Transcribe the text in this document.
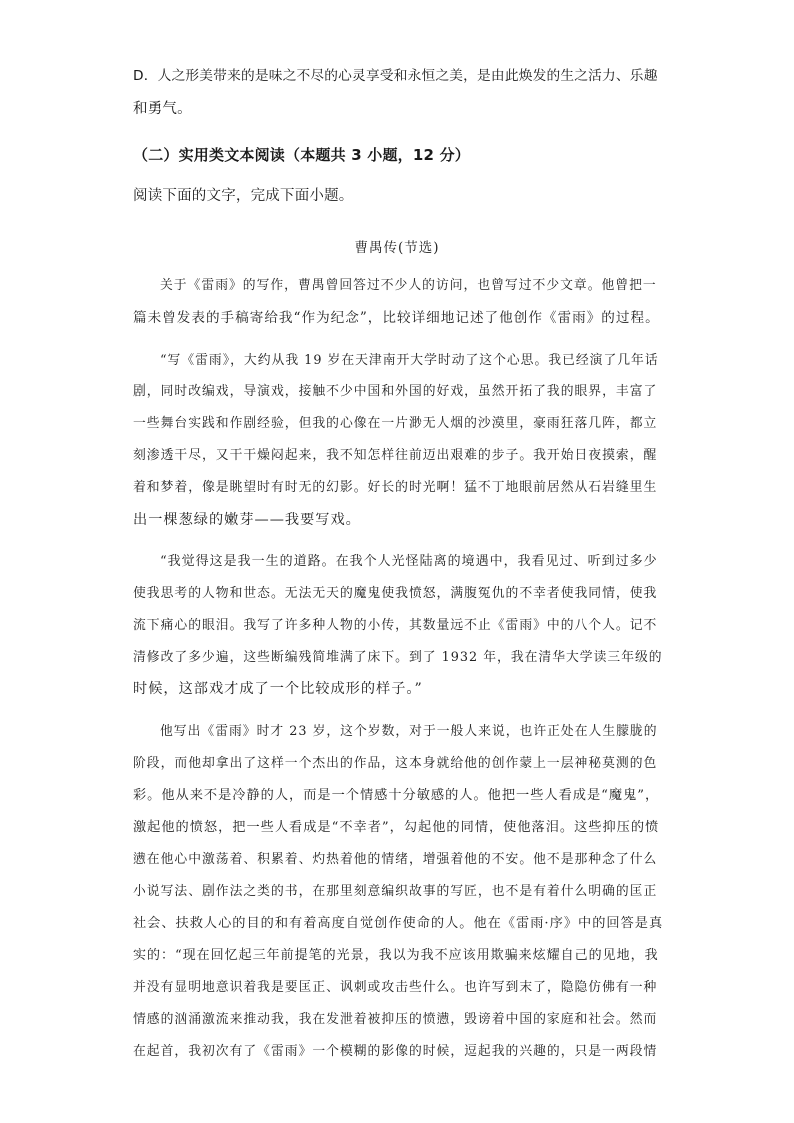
D．人之形美带来的是味之不尽的心灵享受和永恒之美，是由此焕发的生之活力、乐趣
和勇气。
（二）实用类文本阅读（本题共 3 小题，12 分）
阅读下面的文字，完成下面小题。
曹禺传(节选)
关于《雷雨》的写作，曹禺曾回答过不少人的访问，也曾写过不少文章。他曾把一
篇未曾发表的手稿寄给我“作为纪念”，比较详细地记述了他创作《雷雨》的过程。
“写《雷雨》，大约从我 19 岁在天津南开大学时动了这个心思。我已经演了几年话
剧，同时改编戏，导演戏，接触不少中国和外国的好戏，虽然开拓了我的眼界，丰富了
一些舞台实践和作剧经验，但我的心像在一片渺无人烟的沙漠里，豪雨狂落几阵，都立
刻渗透干尽，又干干燥闷起来，我不知怎样往前迈出艰难的步子。我开始日夜摸索，醒
着和梦着，像是眺望时有时无的幻影。好长的时光啊！猛不丁地眼前居然从石岩缝里生
出一棵葱绿的嫩芽——我要写戏。
“我觉得这是我一生的道路。在我个人光怪陆离的境遇中，我看见过、听到过多少
使我思考的人物和世态。无法无天的魔鬼使我愤怒，满腹冤仇的不幸者使我同情，使我
流下痛心的眼泪。我写了许多种人物的小传，其数量远不止《雷雨》中的八个人。记不
清修改了多少遍，这些断编残简堆满了床下。到了 1932 年，我在清华大学读三年级的
时候，这部戏才成了一个比较成形的样子。”
他写出《雷雨》时才 23 岁，这个岁数，对于一般人来说，也许正处在人生朦胧的
阶段，而他却拿出了这样一个杰出的作品，这本身就给他的创作蒙上一层神秘莫测的色
彩。他从来不是冷静的人，而是一个情感十分敏感的人。他把一些人看成是“魔鬼”，
激起他的愤怒，把一些人看成是“不幸者”，勾起他的同情，使他落泪。这些抑压的愤
懑在他心中激荡着、积累着、灼热着他的情绪，增强着他的不安。他不是那种念了什么
小说写法、剧作法之类的书，在那里刻意编织故事的写匠，也不是有着什么明确的匡正
社会、扶救人心的目的和有着高度自觉创作使命的人。他在《雷雨·序》中的回答是真
实的：“现在回忆起三年前提笔的光景，我以为我不应该用欺骗来炫耀自己的见地，我
并没有显明地意识着我是要匡正、讽刺或攻击些什么。也许写到末了，隐隐仿佛有一种
情感的汹涌激流来推动我，我在发泄着被抑压的愤懑，毁谤着中国的家庭和社会。然而
在起首，我初次有了《雷雨》一个模糊的影像的时候，逗起我的兴趣的，只是一两段情
